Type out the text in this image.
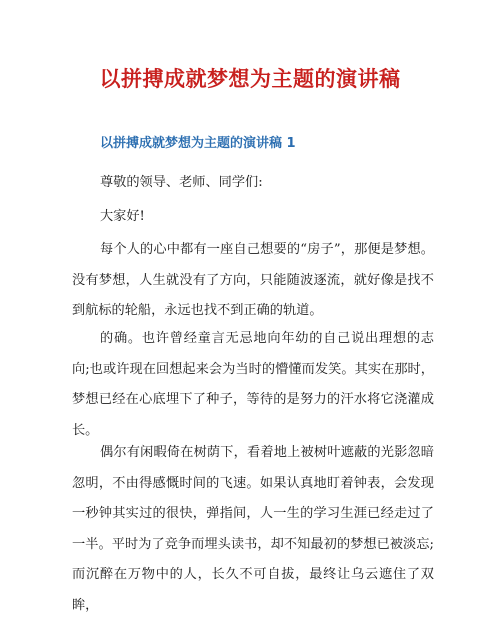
以拼搏成就梦想为主题的演讲稿
以拼搏成就梦想为主题的演讲稿 1

尊敬的领导、老师、同学们:

大家好!

每个人的心中都有一座自己想要的“房子”，那便是梦想。没有梦想，人生就没有了方向，只能随波逐流，就好像是找不到航标的轮船，永远也找不到正确的轨道。

的确。也许曾经童言无忌地向年幼的自己说出理想的志向;也或许现在回想起来会为当时的懵懂而发笑。其实在那时，梦想已经在心底埋下了种子，等待的是努力的汗水将它浇灌成长。

偶尔有闲暇倚在树荫下，看着地上被树叶遮蔽的光影忽暗忽明，不由得感慨时间的飞速。如果认真地盯着钟表，会发现一秒钟其实过的很快，弹指间，人一生的学习生涯已经走过了一半。平时为了竞争而埋头读书，却不知最初的梦想已被淡忘;而沉醉在万物中的人，长久不可自拔，最终让乌云遮住了双眸，
